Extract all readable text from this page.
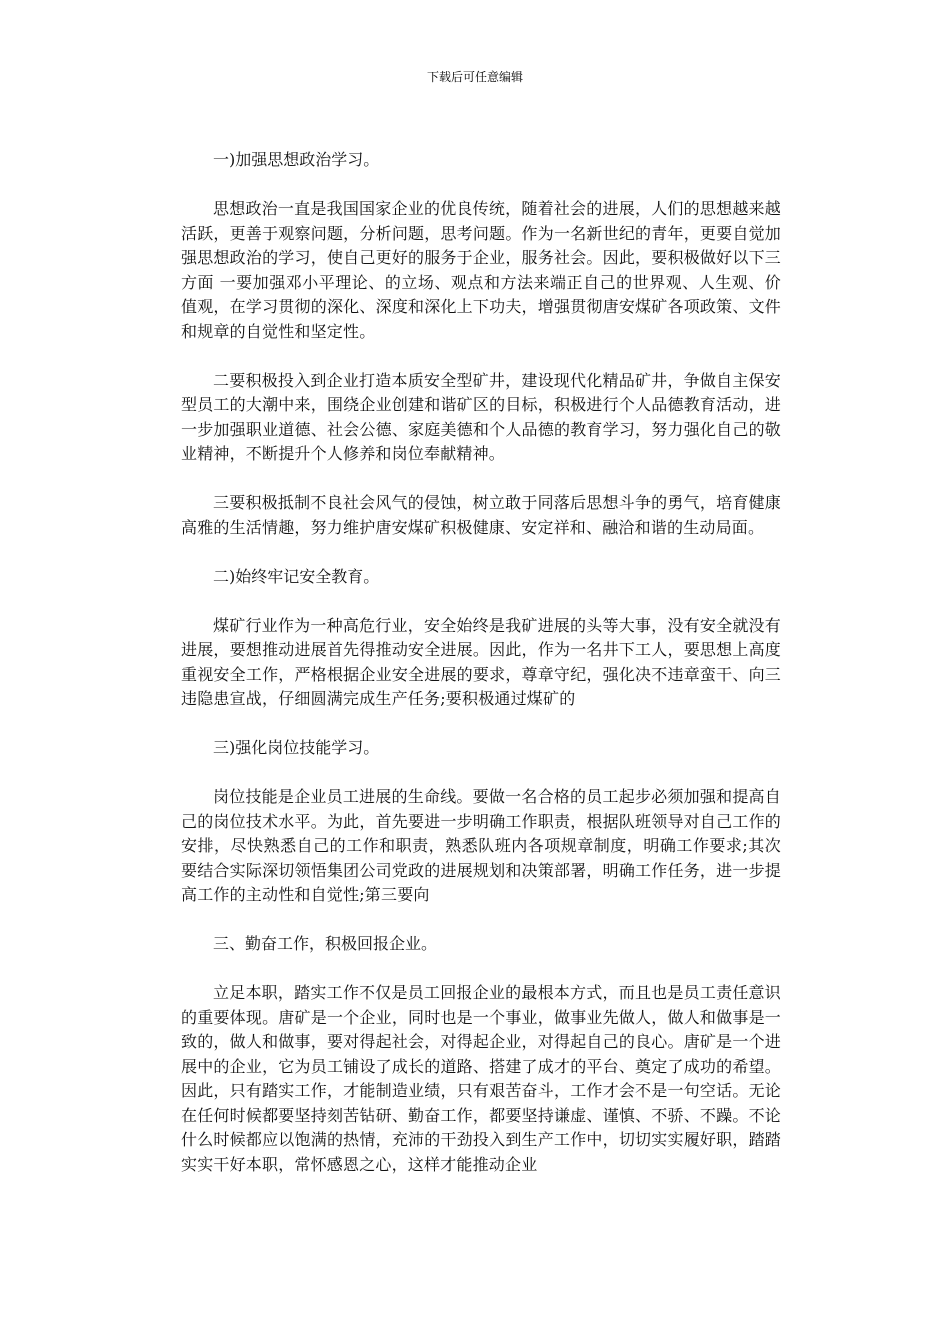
下载后可任意编辑

一)加强思想政治学习。

思想政治一直是我国国家企业的优良传统，随着社会的进展，人们的思想越来越活跃，更善于观察问题，分析问题，思考问题。作为一名新世纪的青年，更要自觉加强思想政治的学习，使自己更好的服务于企业，服务社会。因此，要积极做好以下三方面 一要加强邓小平理论、的立场、观点和方法来端正自己的世界观、人生观、价值观，在学习贯彻的深化、深度和深化上下功夫，增强贯彻唐安煤矿各项政策、文件和规章的自觉性和坚定性。

二要积极投入到企业打造本质安全型矿井，建设现代化精品矿井，争做自主保安型员工的大潮中来，围绕企业创建和谐矿区的目标，积极进行个人品德教育活动，进一步加强职业道德、社会公德、家庭美德和个人品德的教育学习，努力强化自己的敬业精神，不断提升个人修养和岗位奉献精神。

三要积极抵制不良社会风气的侵蚀，树立敢于同落后思想斗争的勇气，培育健康高雅的生活情趣，努力维护唐安煤矿积极健康、安定祥和、融洽和谐的生动局面。

二)始终牢记安全教育。

煤矿行业作为一种高危行业，安全始终是我矿进展的头等大事，没有安全就没有进展，要想推动进展首先得推动安全进展。因此，作为一名井下工人，要思想上高度重视安全工作，严格根据企业安全进展的要求，尊章守纪，强化决不违章蛮干、向三违隐患宣战，仔细圆满完成生产任务;要积极通过煤矿的

三)强化岗位技能学习。

岗位技能是企业员工进展的生命线。要做一名合格的员工起步必须加强和提高自己的岗位技术水平。为此，首先要进一步明确工作职责，根据队班领导对自己工作的安排，尽快熟悉自己的工作和职责，熟悉队班内各项规章制度，明确工作要求;其次要结合实际深切领悟集团公司党政的进展规划和决策部署，明确工作任务，进一步提高工作的主动性和自觉性;第三要向

三、勤奋工作，积极回报企业。

立足本职，踏实工作不仅是员工回报企业的最根本方式，而且也是员工责任意识的重要体现。唐矿是一个企业，同时也是一个事业，做事业先做人，做人和做事是一致的，做人和做事，要对得起社会，对得起企业，对得起自己的良心。唐矿是一个进展中的企业，它为员工铺设了成长的道路、搭建了成才的平台、奠定了成功的希望。因此，只有踏实工作，才能制造业绩，只有艰苦奋斗，工作才会不是一句空话。无论在任何时候都要坚持刻苦钻研、勤奋工作，都要坚持谦虚、谨慎、不骄、不躁。不论什么时候都应以饱满的热情，充沛的干劲投入到生产工作中，切切实实履好职，踏踏实实干好本职，常怀感恩之心，这样才能推动企业
